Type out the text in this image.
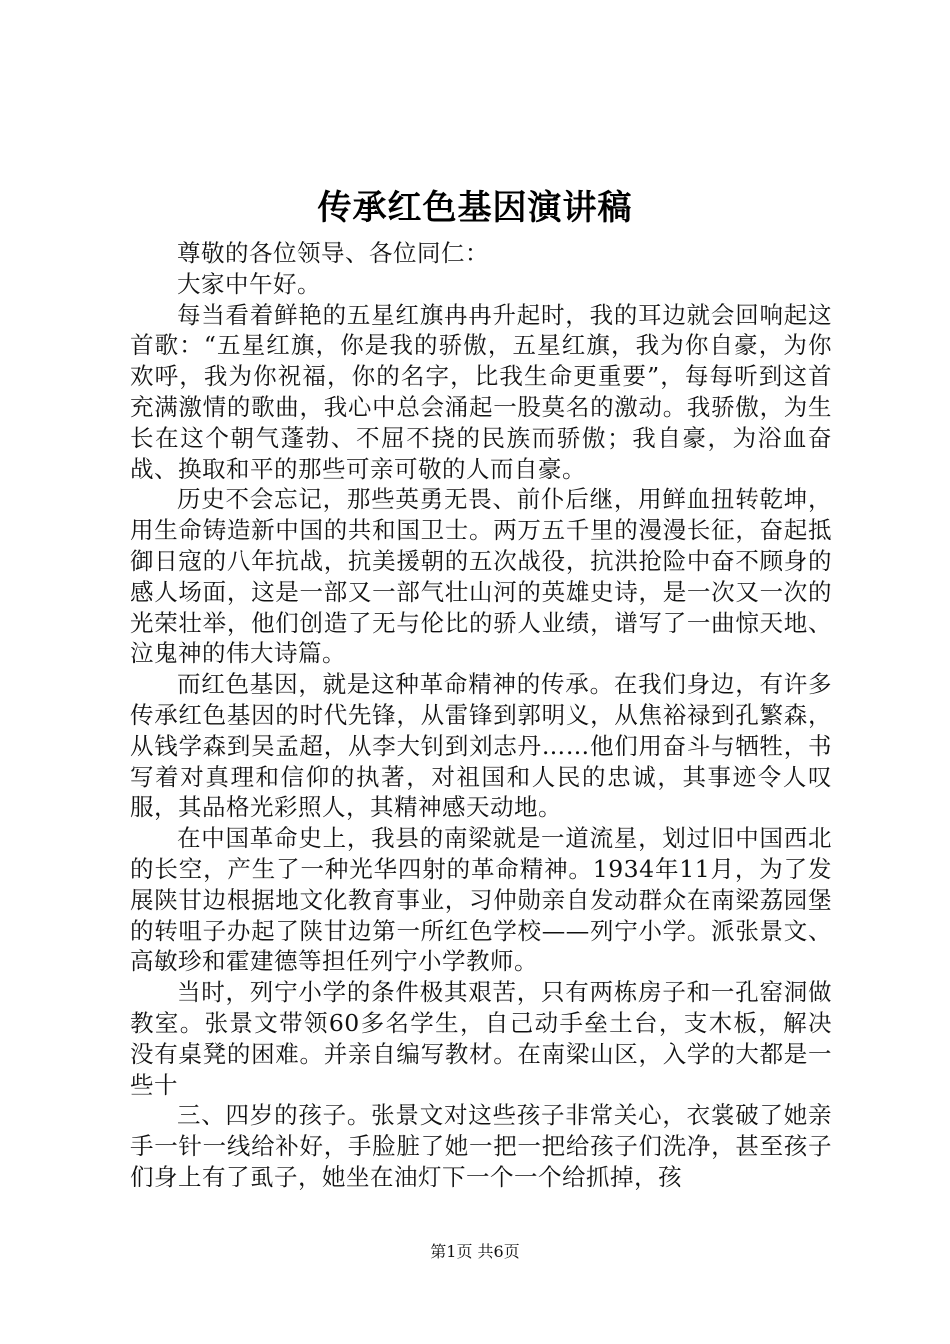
传承红色基因演讲稿

尊敬的各位领导、各位同仁：

大家中午好。

每当看着鲜艳的五星红旗冉冉升起时，我的耳边就会回响起这首歌：“五星红旗，你是我的骄傲，五星红旗，我为你自豪，为你欢呼，我为你祝福，你的名字，比我生命更重要”，每每听到这首充满激情的歌曲，我心中总会涌起一股莫名的激动。我骄傲，为生长在这个朝气蓬勃、不屈不挠的民族而骄傲；我自豪，为浴血奋战、换取和平的那些可亲可敬的人而自豪。

历史不会忘记，那些英勇无畏、前仆后继，用鲜血扭转乾坤，用生命铸造新中国的共和国卫士。两万五千里的漫漫长征，奋起抵御日寇的八年抗战，抗美援朝的五次战役，抗洪抢险中奋不顾身的感人场面，这是一部又一部气壮山河的英雄史诗，是一次又一次的光荣壮举，他们创造了无与伦比的骄人业绩，谱写了一曲惊天地、泣鬼神的伟大诗篇。

而红色基因，就是这种革命精神的传承。在我们身边，有许多传承红色基因的时代先锋，从雷锋到郭明义，从焦裕禄到孔繁森，从钱学森到吴孟超，从李大钊到刘志丹……他们用奋斗与牺牲，书写着对真理和信仰的执著，对祖国和人民的忠诚，其事迹令人叹服，其品格光彩照人，其精神感天动地。

在中国革命史上，我县的南梁就是一道流星，划过旧中国西北的长空，产生了一种光华四射的革命精神。1934年11月，为了发展陕甘边根据地文化教育事业，习仲勋亲自发动群众在南梁荔园堡的转咀子办起了陕甘边第一所红色学校——列宁小学。派张景文、高敏珍和霍建德等担任列宁小学教师。

当时，列宁小学的条件极其艰苦，只有两栋房子和一孔窑洞做教室。张景文带领60多名学生，自己动手垒土台，支木板，解决没有桌凳的困难。并亲自编写教材。在南梁山区，入学的大都是一些十

三、四岁的孩子。张景文对这些孩子非常关心，衣裳破了她亲手一针一线给补好，手脸脏了她一把一把给孩子们洗净，甚至孩子们身上有了虱子，她坐在油灯下一个一个给抓掉，孩

第1页 共6页
